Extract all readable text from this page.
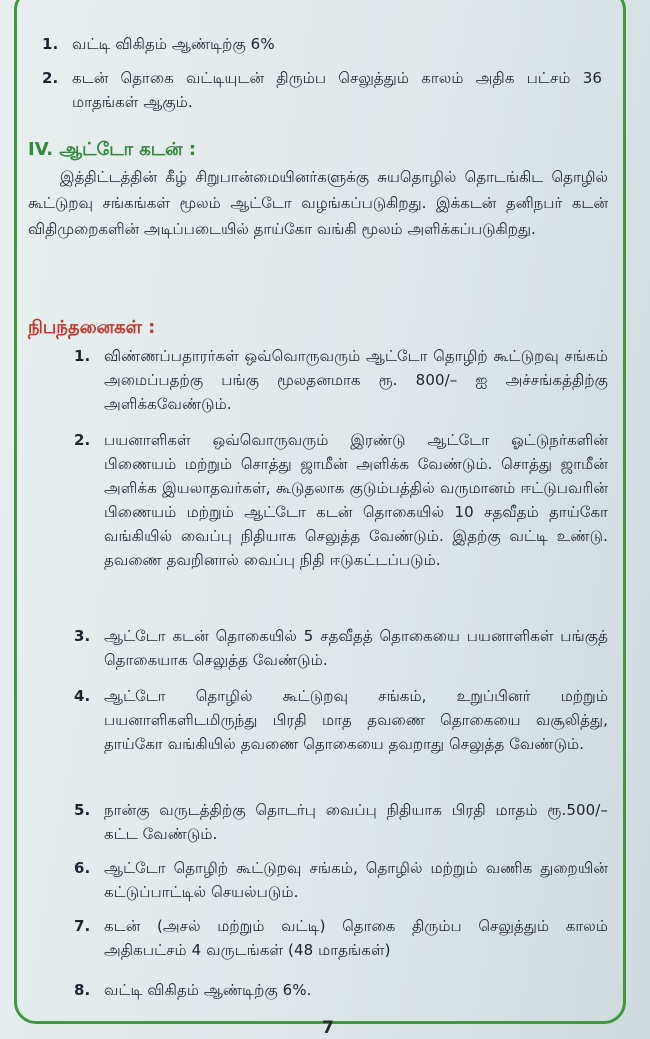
1. வட்டி விகிதம் ஆண்டிற்கு 6%
2. கடன் தொகை வட்டியுடன் திரும்ப செலுத்தும் காலம் அதிக பட்சம் 36 மாதங்கள் ஆகும்.
IV. ஆட்டோ கடன் :
இத்திட்டத்தின் கீழ் சிறுபான்மையினர்களுக்கு சுயதொழில் தொடங்கிட தொழில் கூட்டுறவு சங்கங்கள் மூலம் ஆட்டோ வழங்கப்படுகிறது. இக்கடன் தனிநபர் கடன் விதிமுறைகளின் அடிப்படையில் தாய்கோ வங்கி மூலம் அளிக்கப்படுகிறது.
நிபந்தனைகள் :
1. விண்ணப்பதாரர்கள் ஒவ்வொருவரும் ஆட்டோ தொழிற் கூட்டுறவு சங்கம் அமைப்பதற்கு பங்கு மூலதனமாக ரூ. 800/– ஐ அச்சங்கத்திற்கு அளிக்கவேண்டும்.
2. பயனாளிகள் ஒவ்வொருவரும் இரண்டு ஆட்டோ ஓட்டுநர்களின் பிணையம் மற்றும் சொத்து ஜாமீன் அளிக்க வேண்டும். சொத்து ஜாமீன் அளிக்க இயலாதவர்கள், கூடுதலாக குடும்பத்தில் வருமானம் ஈட்டுபவரின் பிணையம் மற்றும் ஆட்டோ கடன் தொகையில் 10 சதவீதம் தாய்கோ வங்கியில் வைப்பு நிதியாக செலுத்த வேண்டும். இதற்கு வட்டி உண்டு. தவணை தவறினால் வைப்பு நிதி ஈடுகட்டப்படும்.
3. ஆட்டோ கடன் தொகையில் 5 சதவீதத் தொகையை பயனாளிகள் பங்குத் தொகையாக செலுத்த வேண்டும்.
4. ஆட்டோ தொழில் கூட்டுறவு சங்கம், உறுப்பினர் மற்றும் பயனாளிகளிடமிருந்து பிரதி மாத தவணை தொகையை வசூலித்து, தாய்கோ வங்கியில் தவணை தொகையை தவறாது செலுத்த வேண்டும்.
5. நான்கு வருடத்திற்கு தொடர்பு வைப்பு நிதியாக பிரதி மாதம் ரூ.500/– கட்ட வேண்டும்.
6. ஆட்டோ தொழிற் கூட்டுறவு சங்கம், தொழில் மற்றும் வணிக துறையின் கட்டுப்பாட்டில் செயல்படும்.
7. கடன் (அசல் மற்றும் வட்டி) தொகை திரும்ப செலுத்தும் காலம் அதிகபட்சம் 4 வருடங்கள் (48 மாதங்கள்)
8. வட்டி விகிதம் ஆண்டிற்கு 6%.
7
